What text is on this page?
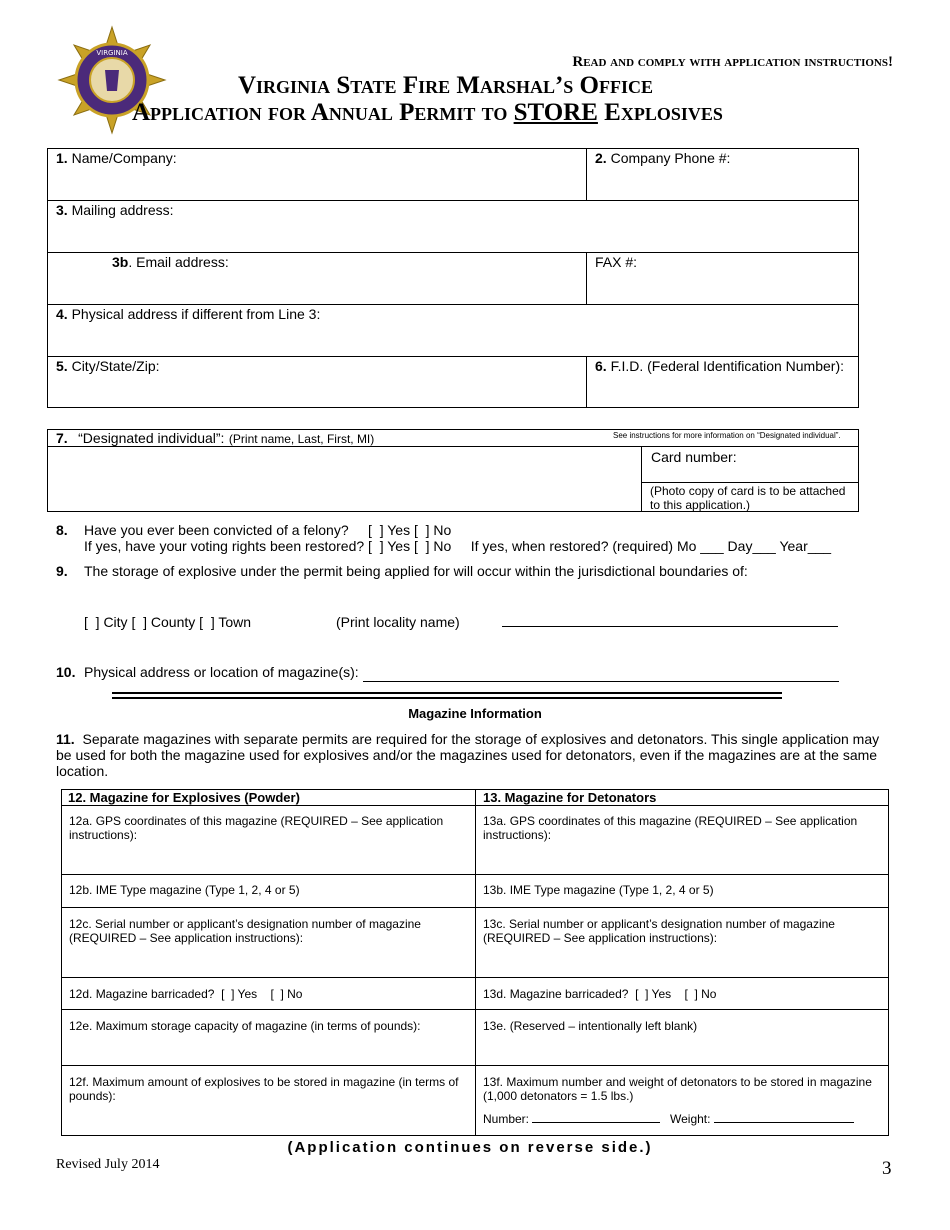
VIRGINIA
Read and comply with application instructions!
Virginia State Fire Marshal’s Office
Application for Annual Permit to STORE Explosives
1. Name/Company:	2. Company Phone #:
3. Mailing address:
3b. Email address:	FAX #:
4. Physical address if different from Line 3:
5. City/State/Zip:	6. F.I.D. (Federal Identification Number):
7. “Designated individual”: (Print name, Last, First, MI)	See instructions for more information on “Designated individual”.
Card number:
(Photo copy of card is to be attached to this application.)
8. Have you ever been convicted of a felony?     [  ] Yes [  ] No
If yes, have your voting rights been restored? [  ] Yes [  ] No     If yes, when restored? (required) Mo ___ Day___ Year___
9. The storage of explosive under the permit being applied for will occur within the jurisdictional boundaries of:
[  ] City [  ] County [  ] Town	(Print locality name)
10. Physical address or location of magazine(s):
Magazine Information
11. Separate magazines with separate permits are required for the storage of explosives and detonators. This single application may be used for both the magazine used for explosives and/or the magazines used for detonators, even if the magazines are at the same location.
12. Magazine for Explosives (Powder)	13. Magazine for Detonators
12a. GPS coordinates of this magazine (REQUIRED – See application instructions):
13a. GPS coordinates of this magazine (REQUIRED – See application instructions):
12b. IME Type magazine (Type 1, 2, 4 or 5)	13b. IME Type magazine (Type 1, 2, 4 or 5)
12c. Serial number or applicant’s designation number of magazine (REQUIRED – See application instructions):
13c. Serial number or applicant’s designation number of magazine (REQUIRED – See application instructions):
12d. Magazine barricaded?  [  ] Yes    [  ] No	13d. Magazine barricaded?  [  ] Yes    [  ] No
12e. Maximum storage capacity of magazine (in terms of pounds):	13e. (Reserved – intentionally left blank)
12f. Maximum amount of explosives to be stored in magazine (in terms of pounds):
13f. Maximum number and weight of detonators to be stored in magazine (1,000 detonators = 1.5 lbs.)
Number:	Weight:
(Application continues on reverse side.)
Revised July 2014	3
